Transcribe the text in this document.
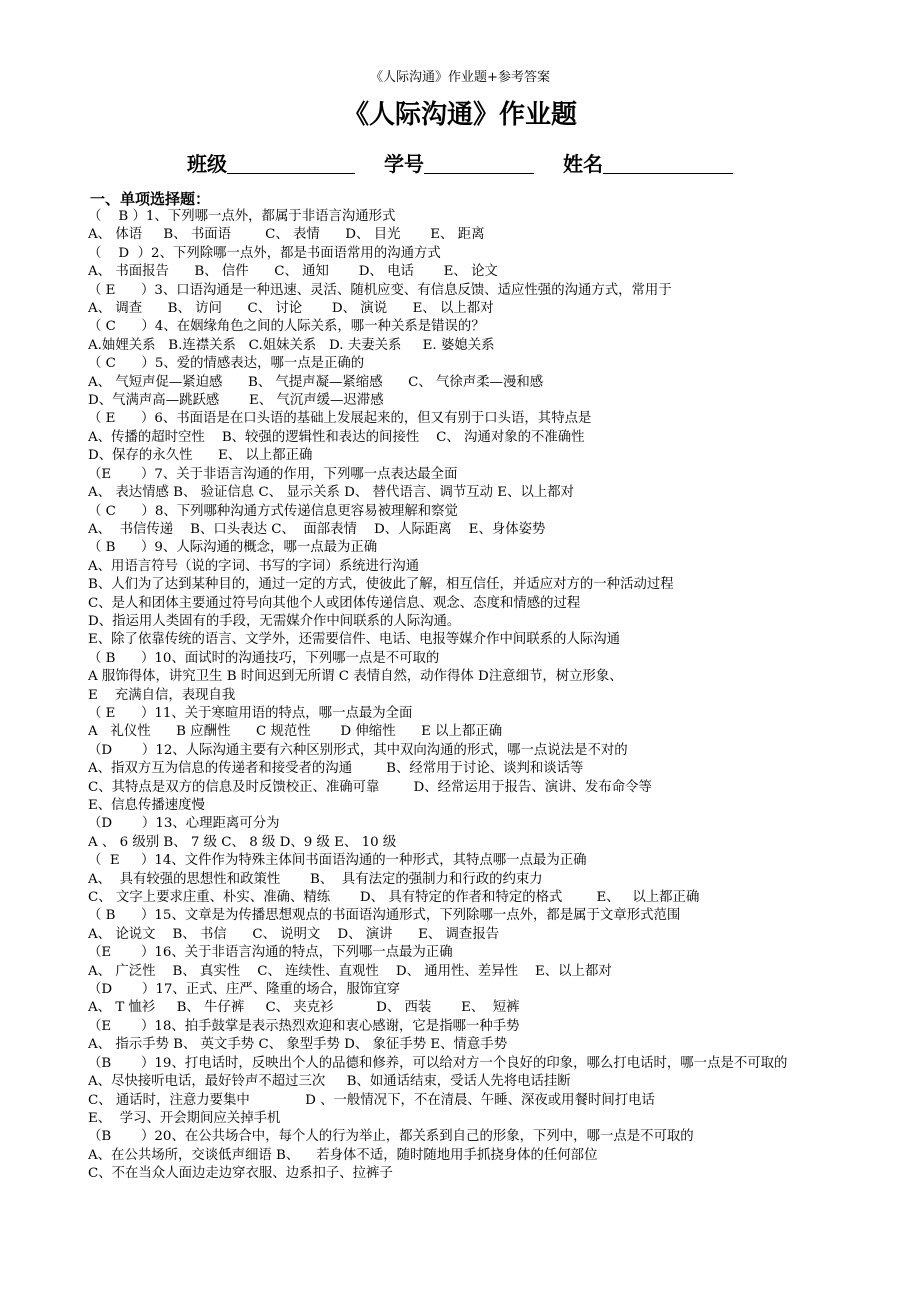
《人际沟通》作业题+参考答案
《人际沟通》作业题
班级	学号	姓名
一、单项选择题：
（    B ）1、下列哪一点外，都属于非语言沟通形式
A、 体语     B、 书面语        C、 表情      D、 目光       E、 距离
（    D  ）2、下列除哪一点外，都是书面语常用的沟通方式
A、 书面报告      B、 信件      C、 通知       D、 电话       E、 论文
（ E      ）3、口语沟通是一种迅速、灵活、随机应变、有信息反馈、适应性强的沟通方式，常用于
A、 调查      B、 访问      C、 讨论       D、 演说      E、 以上都对
（ C      ）4、在姻缘角色之间的人际关系，哪一种关系是错误的？
A.妯娌关系   B.连襟关系   C.姐妹关系   D. 夫妻关系     E. 婆媳关系
（ C      ）5、爱的情感表达，哪一点是正确的
A、 气短声促—紧迫感      B、 气提声凝—紧缩感      C、 气徐声柔—漫和感
D、气满声高—跳跃感       E、 气沉声缓—迟滞感
（ E      ）6、书面语是在口头语的基础上发展起来的，但又有别于口头语，其特点是
A、传播的超时空性    B、较强的逻辑性和表达的间接性    C、 沟通对象的不准确性
D、保存的永久性      E、 以上都正确
（E       ）7、关于非语言沟通的作用，下列哪一点表达最全面
A、 表达情感 B、 验证信息 C、 显示关系 D、 替代语言、调节互动 E、以上都对
（ C      ）8、下列哪种沟通方式传递信息更容易被理解和察觉
A、  书信传递    B、口头表达 C、  面部表情    D、人际距离    E、身体姿势
（ B      ）9、人际沟通的概念，哪一点最为正确
A、用语言符号（说的字词、书写的字词）系统进行沟通
B、人们为了达到某种目的，通过一定的方式，使彼此了解，相互信任，并适应对方的一种活动过程
C、是人和团体主要通过符号向其他个人或团体传递信息、观念、态度和情感的过程
D、指运用人类固有的手段，无需媒介作中间联系的人际沟通。
E、除了依靠传统的语言、文学外，还需要信件、电话、电报等媒介作中间联系的人际沟通
（ B      ）10、面试时的沟通技巧，下列哪一点是不可取的
A 服饰得体，讲究卫生 B 时间迟到无所谓 C 表情自然，动作得体 D注意细节，树立形象、
E    充满自信，表现自我
（ E      ）11、关于寒暄用语的特点，哪一点最为全面
A   礼仪性      B 应酬性      C 规范性       D 伸缩性      E 以上都正确
（D       ）12、人际沟通主要有六种区别形式，其中双向沟通的形式，哪一点说法是不对的
A、指双方互为信息的传递者和接受者的沟通        B、经常用于讨论、谈判和谈话等
C、其特点是双方的信息及时反馈校正、准确可靠        D、经常运用于报告、演讲、发布命令等
E、信息传播速度慢
（D       ）13、心理距离可分为
A 、 6 级别 B、 7 级 C、 8 级 D、9 级 E、 10 级
（  E     ）14、文件作为特殊主体间书面语沟通的一种形式，其特点哪一点最为正确
A、  具有较强的思想性和政策性       B、  具有法定的强制力和行政的约束力
C、 文字上要求庄重、朴实、准确、精练       D、 具有特定的作者和特定的格式        E、   以上都正确
（ B      ）15、文章是为传播思想观点的书面语沟通形式，下列除哪一点外，都是属于文章形式范围
A、 论说文    B、 书信      C、 说明文    D、 演讲      E、 调查报告
（E       ）16、关于非语言沟通的特点，下列哪一点最为正确
A、 广泛性    B、 真实性    C、 连续性、直观性    D、 通用性、差异性    E、以上都对
（D       ）17、正式、庄严、隆重的场合，服饰宜穿
A、 T 恤衫     B、 牛仔裤     C、 夹克衫          D、 西装       E、  短裤
（E       ）18、拍手鼓掌是表示热烈欢迎和衷心感谢，它是指哪一种手势
A、 指示手势 B、 英文手势 C、 象型手势 D、 象征手势 E、情意手势
（B       ）19、打电话时，反映出个人的品德和修养，可以给对方一个良好的印象，哪么打电话时，哪一点是不可取的
A、尽快接听电话，最好铃声不超过三次     B、如通话结束，受话人先将电话挂断
C、 通话时，注意力要集中             D 、一般情况下，不在清晨、午睡、深夜或用餐时间打电话
E、  学习、开会期间应关掉手机
（B       ）20、在公共场合中，每个人的行为举止，都关系到自己的形象，下列中，哪一点是不可取的
A、在公共场所，交谈低声细语 B、    若身体不适，随时随地用手抓挠身体的任何部位
C、不在当众人面边走边穿衣服、边系扣子、拉裤子
